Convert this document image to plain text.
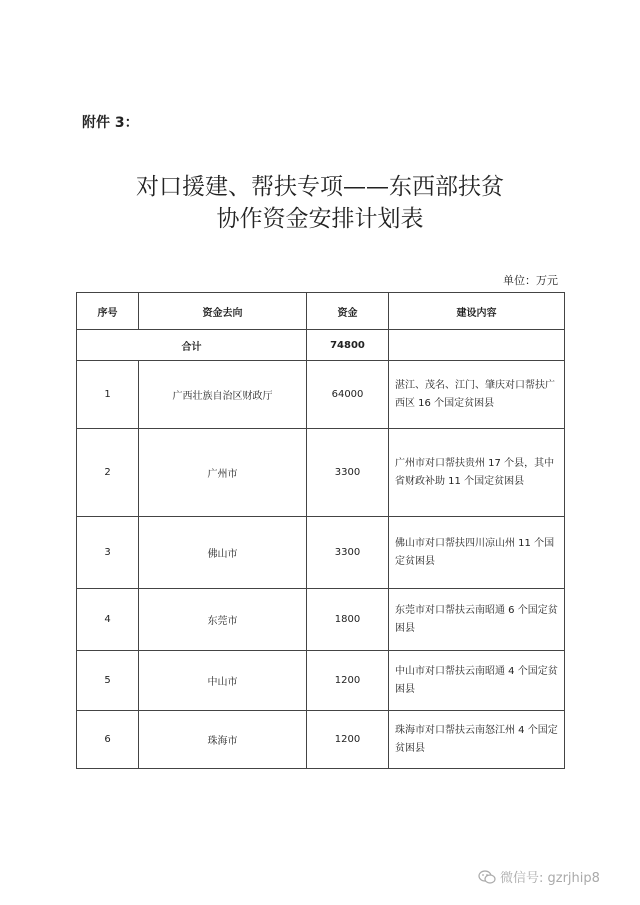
附件 3：
对口援建、帮扶专项——东西部扶贫
协作资金安排计划表
单位：万元
序号	资金去向	资金	建设内容
合计		74800	
1	广西壮族自治区财政厅	64000	湛江、茂名、江门、肇庆对口帮扶广西区 16 个国定贫困县
2	广州市	3300	广州市对口帮扶贵州 17 个县，其中省财政补助 11 个国定贫困县
3	佛山市	3300	佛山市对口帮扶四川凉山州 11 个国定贫困县
4	东莞市	1800	东莞市对口帮扶云南昭通 6 个国定贫困县
5	中山市	1200	中山市对口帮扶云南昭通 4 个国定贫困县
6	珠海市	1200	珠海市对口帮扶云南怒江州 4 个国定贫困县
微信号: gzrjhip8
